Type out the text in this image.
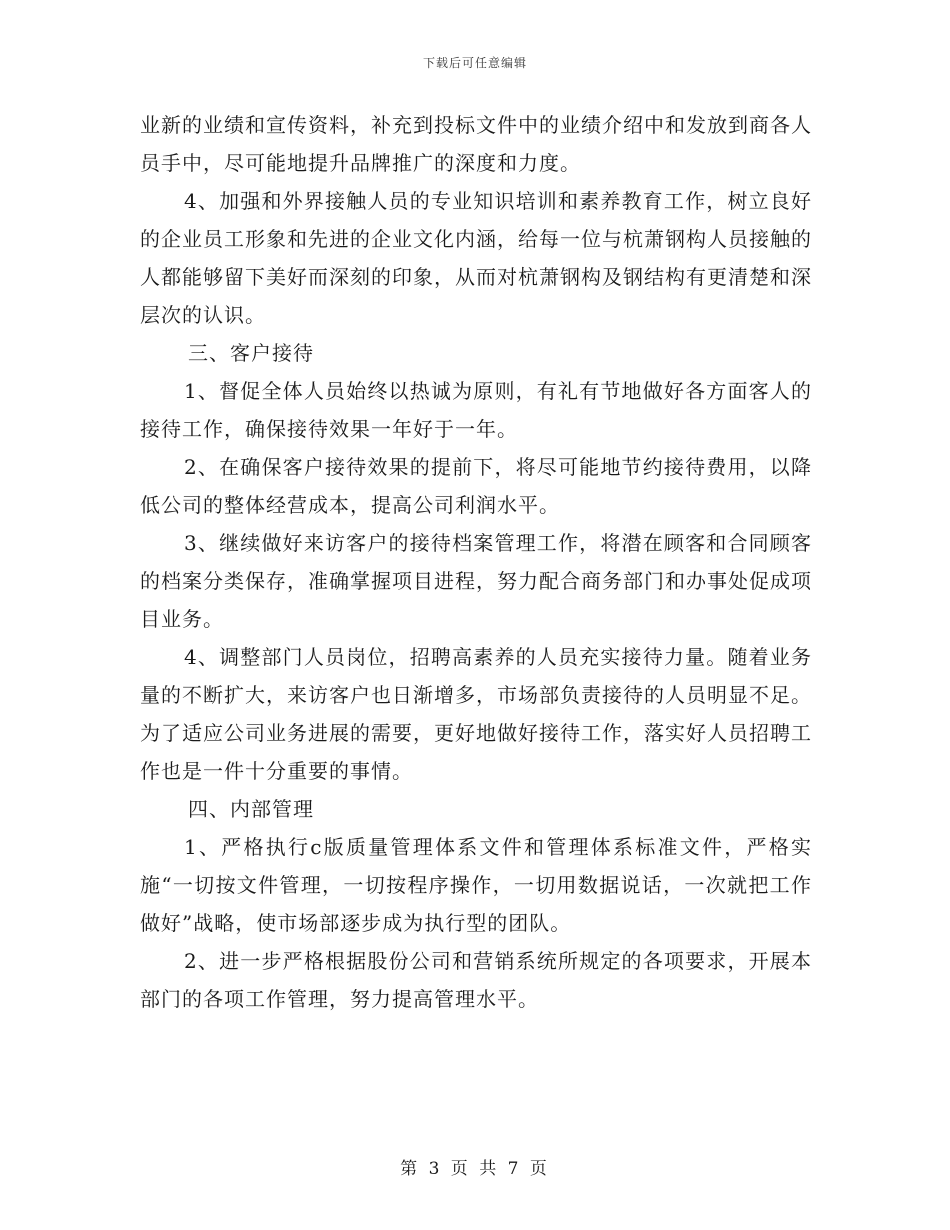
下载后可任意编辑

业新的业绩和宣传资料，补充到投标文件中的业绩介绍中和发放到商各人员手中，尽可能地提升品牌推广的深度和力度。

4、加强和外界接触人员的专业知识培训和素养教育工作，树立良好的企业员工形象和先进的企业文化内涵，给每一位与杭萧钢构人员接触的人都能够留下美好而深刻的印象，从而对杭萧钢构及钢结构有更清楚和深层次的认识。

三、客户接待

1、督促全体人员始终以热诚为原则，有礼有节地做好各方面客人的接待工作，确保接待效果一年好于一年。

2、在确保客户接待效果的提前下，将尽可能地节约接待费用，以降低公司的整体经营成本，提高公司利润水平。

3、继续做好来访客户的接待档案管理工作，将潜在顾客和合同顾客的档案分类保存，准确掌握项目进程，努力配合商务部门和办事处促成项目业务。

4、调整部门人员岗位，招聘高素养的人员充实接待力量。随着业务量的不断扩大，来访客户也日渐增多，市场部负责接待的人员明显不足。为了适应公司业务进展的需要，更好地做好接待工作，落实好人员招聘工作也是一件十分重要的事情。

四、内部管理

1、严格执行c版质量管理体系文件和管理体系标准文件，严格实施“一切按文件管理，一切按程序操作，一切用数据说话，一次就把工作做好”战略，使市场部逐步成为执行型的团队。

2、进一步严格根据股份公司和营销系统所规定的各项要求，开展本部门的各项工作管理，努力提高管理水平。

第 3 页 共 7 页
